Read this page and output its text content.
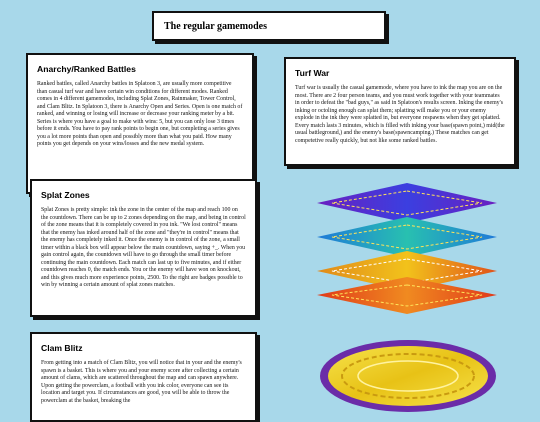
The regular gamemodes
Anarchy/Ranked Battles

Ranked battles, called Anarchy battles in Splatoon 3, are usually more competitive than casual turf war and have certain win conditions for different modes. Ranked comes in 4 different gamemodes, including Splat Zones, Rainmaker, Tower Control, and Clam Blitz. In Splatoon 3, there is Anarchy Open and Series. Open is one match of ranked, and winning or losing will increase or decrease your ranking meter by a bit. Series is where you have a goal to make with wins: 5, but you can only lose 3 times before it ends. You have to pay rank points to begin one, but completing a series gives you a lot more points than open and possibly more than what you paid. How many points you get depends on your wins/losses and the new medal system.

Turf War

Turf war is usually the casual gamemode, where you have to ink the map you are on the most. There are 2 four person teams, and you must work together with your teammates in order to defeat the "bad guys," as said in Splatoon's results screen. Inking the enemy's inking or octoling enough can splat them; splatting will make you or your enemy explode in the ink they were splatted in, but everyone respawns when they get splatted. Every match lasts 3 minutes, which is filled with inking your base(spawn point,) mid(the usual battleground,) and the enemy's base(spawncamping.) These matches can get competetive really quickly, but not like some ranked battles.

Splat Zones

Splat Zones is pretty simple: ink the zone in the center of the map and reach 100 on the countdown. There can be up to 2 zones depending on the map, and being in control of the zone means that it is completely covered in you ink. "We lost control" means that the enemy has inked around half of the zone and "they're in control" means that the enemy has completely inked it. Once the enemy is in control of the zone, a small timer within a black box will appear below the main countdown, saying +_. When you gain control again, the countdown will have to go through the small timer before continuing the main countdown. Each match can last up to five minutes, and if either countdown reaches 0, the match ends. You or the enemy will have won on knockout, and this gives much more experience points, 2500. To the right are badges possible to win by winning a certain amount of splat zones matches.

Clam Blitz

From getting into a match of Clam Blitz, you will notice that in your and the enemy's spawn is a basket. This is where you and your enemy score after collecting a certain amount of clams, which are scattered throughout the map and can spawn anywhere. Upon getting the powerclam, a football with you ink color, everyone can see its location and target you. If circumstances are good, you will be able to throw the powerclam at the basket, breaking the
